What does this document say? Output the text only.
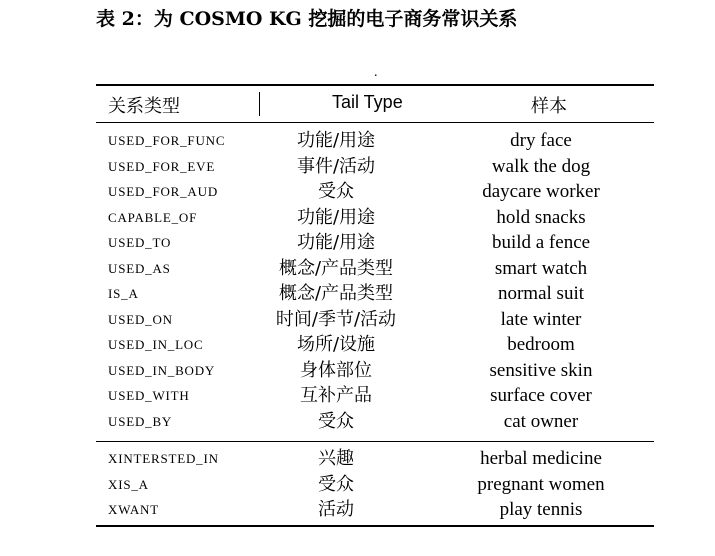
表 2：为 COSMO KG 挖掘的电子商务常识关系
.
关系类型	Tail Type	样本
USED_FOR_FUNC	功能/用途	dry face
USED_FOR_EVE	事件/活动	walk the dog
USED_FOR_AUD	受众	daycare worker
CAPABLE_OF	功能/用途	hold snacks
USED_TO	功能/用途	build a fence
USED_AS	概念/产品类型	smart watch
IS_A	概念/产品类型	normal suit
USED_ON	时间/季节/活动	late winter
USED_IN_LOC	场所/设施	bedroom
USED_IN_BODY	身体部位	sensitive skin
USED_WITH	互补产品	surface cover
USED_BY	受众	cat owner
XINTERSTED_IN	兴趣	herbal medicine
XIS_A	受众	pregnant women
XWANT	活动	play tennis
